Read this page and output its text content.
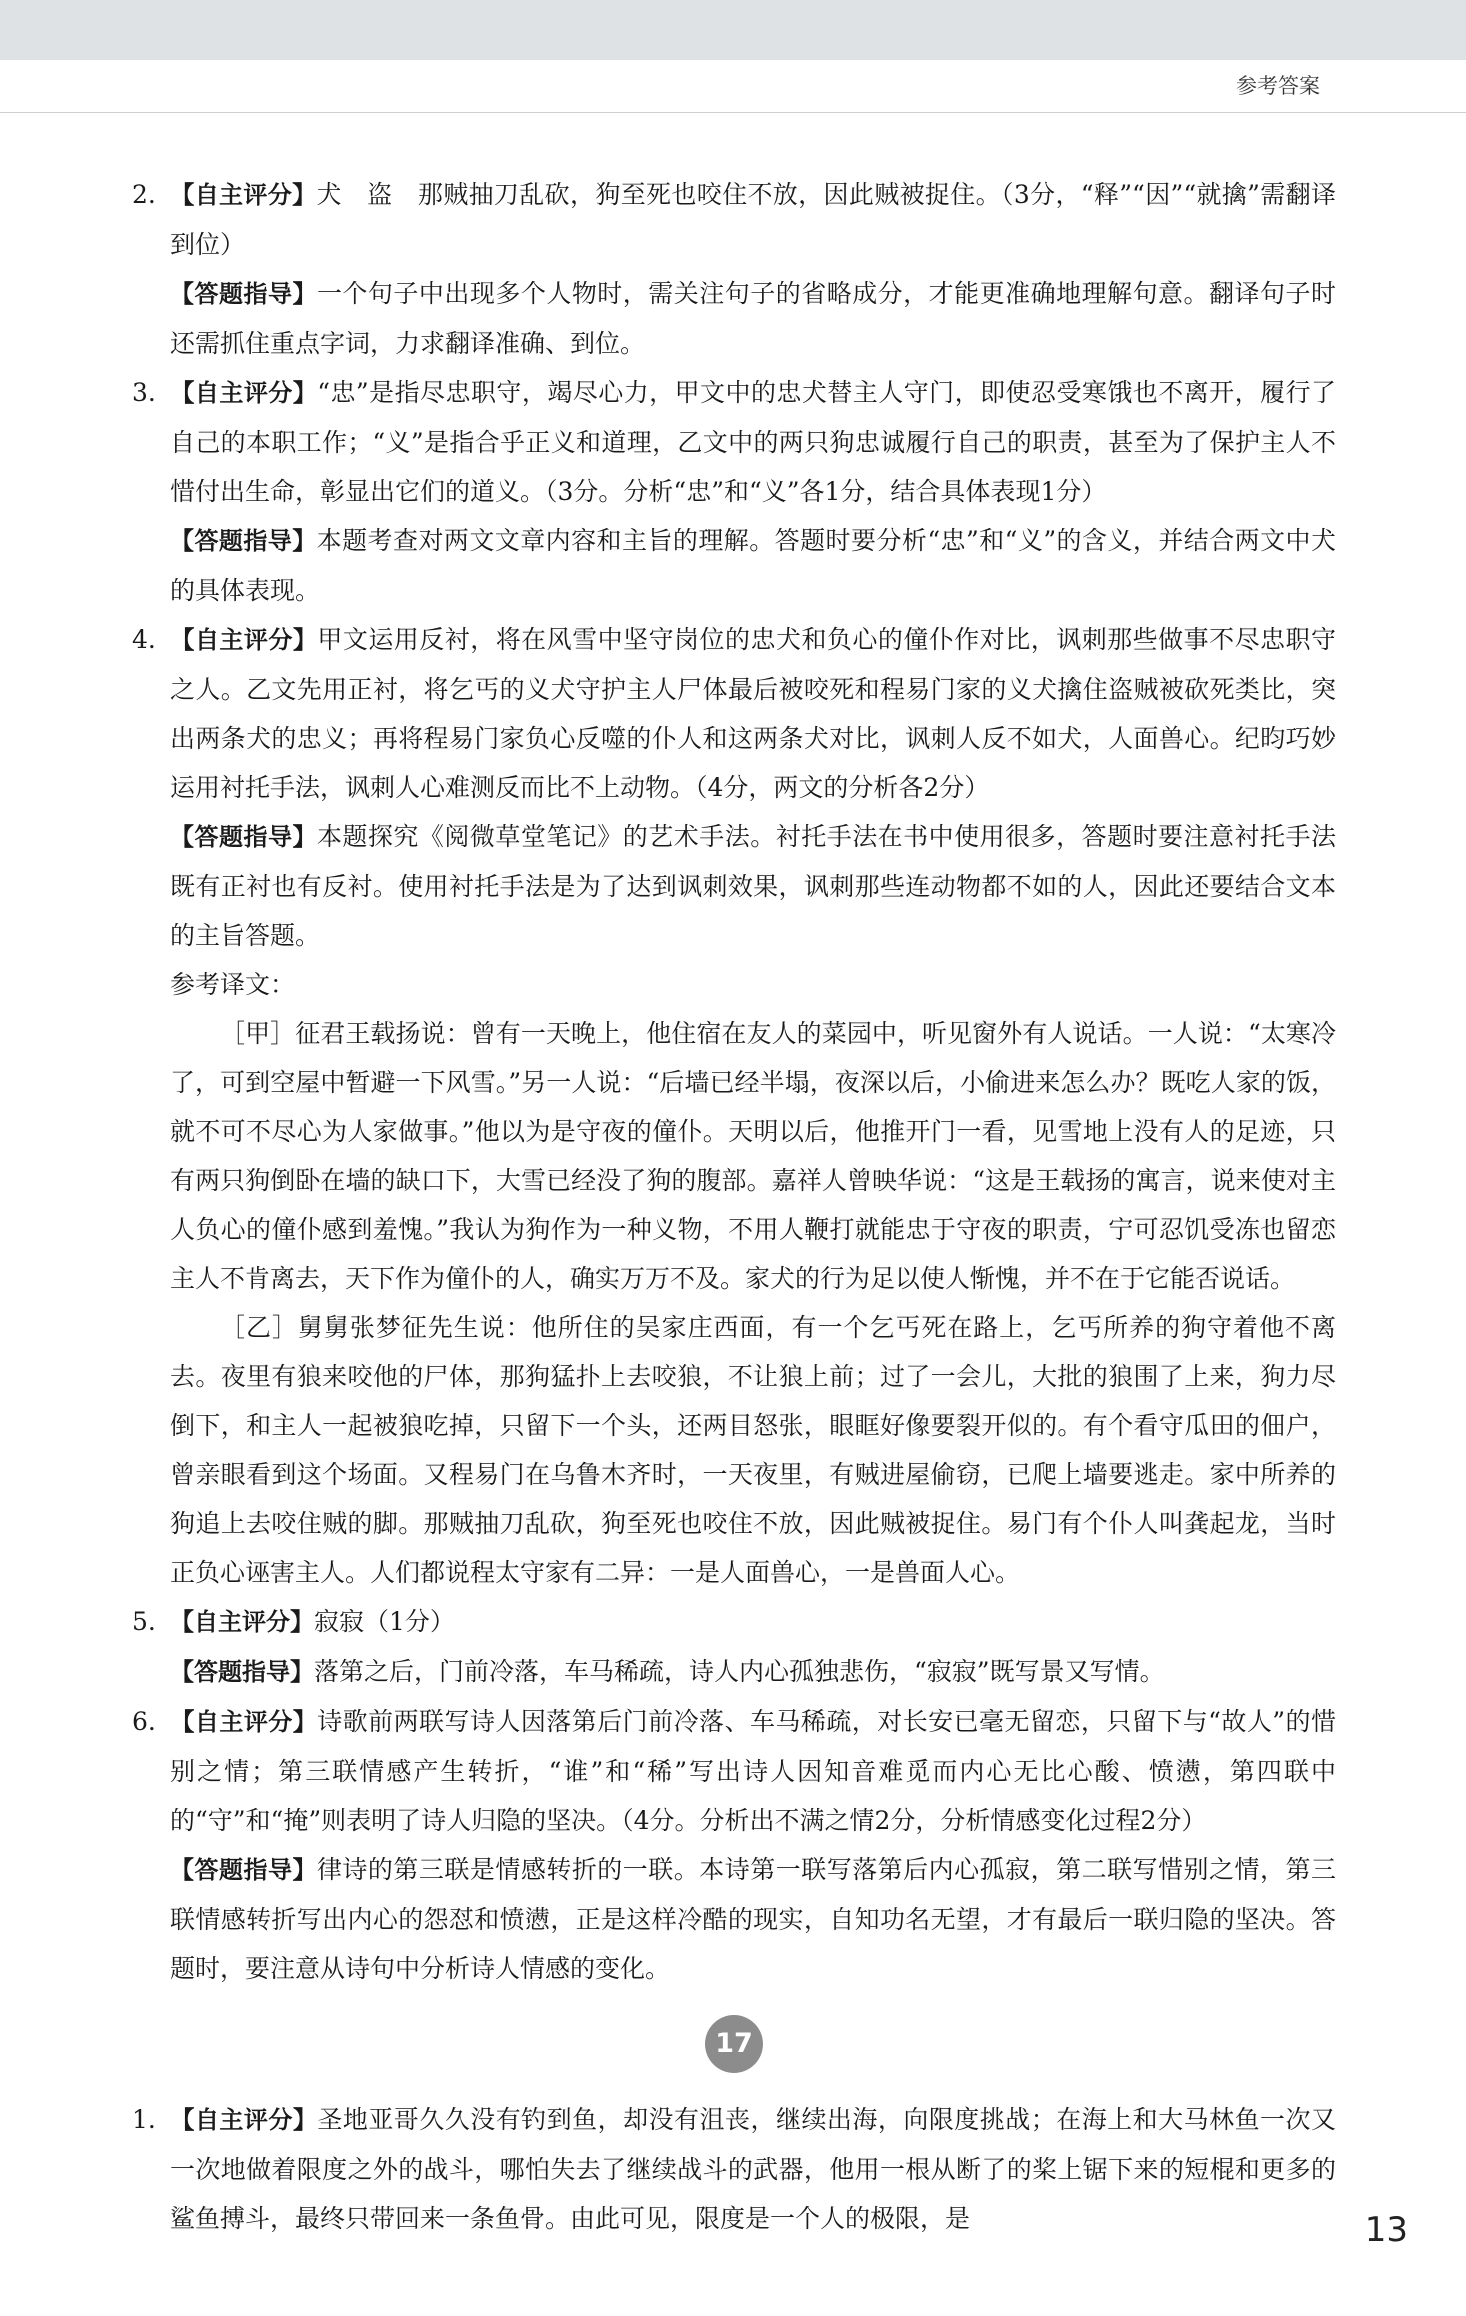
参考答案

2. 【自主评分】犬　盗　那贼抽刀乱砍，狗至死也咬住不放，因此贼被捉住。（3分，“释”“因”“就擒”需翻译到位）

【答题指导】一个句子中出现多个人物时，需关注句子的省略成分，才能更准确地理解句意。翻译句子时还需抓住重点字词，力求翻译准确、到位。

3. 【自主评分】“忠”是指尽忠职守，竭尽心力，甲文中的忠犬替主人守门，即使忍受寒饿也不离开，履行了自己的本职工作；“义”是指合乎正义和道理，乙文中的两只狗忠诚履行自己的职责，甚至为了保护主人不惜付出生命，彰显出它们的道义。（3分。分析“忠”和“义”各1分，结合具体表现1分）

【答题指导】本题考查对两文文章内容和主旨的理解。答题时要分析“忠”和“义”的含义，并结合两文中犬的具体表现。

4. 【自主评分】甲文运用反衬，将在风雪中坚守岗位的忠犬和负心的僮仆作对比，讽刺那些做事不尽忠职守之人。乙文先用正衬，将乞丐的义犬守护主人尸体最后被咬死和程易门家的义犬擒住盗贼被砍死类比，突出两条犬的忠义；再将程易门家负心反噬的仆人和这两条犬对比，讽刺人反不如犬，人面兽心。纪昀巧妙运用衬托手法，讽刺人心难测反而比不上动物。（4分，两文的分析各2分）

【答题指导】本题探究《阅微草堂笔记》的艺术手法。衬托手法在书中使用很多，答题时要注意衬托手法既有正衬也有反衬。使用衬托手法是为了达到讽刺效果，讽刺那些连动物都不如的人，因此还要结合文本的主旨答题。

参考译文：

［甲］征君王载扬说：曾有一天晚上，他住宿在友人的菜园中，听见窗外有人说话。一人说：“太寒冷了，可到空屋中暂避一下风雪。”另一人说：“后墙已经半塌，夜深以后，小偷进来怎么办？既吃人家的饭，就不可不尽心为人家做事。”他以为是守夜的僮仆。天明以后，他推开门一看，见雪地上没有人的足迹，只有两只狗倒卧在墙的缺口下，大雪已经没了狗的腹部。嘉祥人曾映华说：“这是王载扬的寓言，说来使对主人负心的僮仆感到羞愧。”我认为狗作为一种义物，不用人鞭打就能忠于守夜的职责，宁可忍饥受冻也留恋主人不肯离去，天下作为僮仆的人，确实万万不及。家犬的行为足以使人惭愧，并不在于它能否说话。

［乙］舅舅张梦征先生说：他所住的吴家庄西面，有一个乞丐死在路上，乞丐所养的狗守着他不离去。夜里有狼来咬他的尸体，那狗猛扑上去咬狼，不让狼上前；过了一会儿，大批的狼围了上来，狗力尽倒下，和主人一起被狼吃掉，只留下一个头，还两目怒张，眼眶好像要裂开似的。有个看守瓜田的佃户，曾亲眼看到这个场面。又程易门在乌鲁木齐时，一天夜里，有贼进屋偷窃，已爬上墙要逃走。家中所养的狗追上去咬住贼的脚。那贼抽刀乱砍，狗至死也咬住不放，因此贼被捉住。易门有个仆人叫龚起龙，当时正负心诬害主人。人们都说程太守家有二异：一是人面兽心，一是兽面人心。

5. 【自主评分】寂寂（1分）

【答题指导】落第之后，门前冷落，车马稀疏，诗人内心孤独悲伤，“寂寂”既写景又写情。

6. 【自主评分】诗歌前两联写诗人因落第后门前冷落、车马稀疏，对长安已毫无留恋，只留下与“故人”的惜别之情；第三联情感产生转折，“谁”和“稀”写出诗人因知音难觅而内心无比心酸、愤懑，第四联中的“守”和“掩”则表明了诗人归隐的坚决。（4分。分析出不满之情2分，分析情感变化过程2分）

【答题指导】律诗的第三联是情感转折的一联。本诗第一联写落第后内心孤寂，第二联写惜别之情，第三联情感转折写出内心的怨怼和愤懑，正是这样冷酷的现实，自知功名无望，才有最后一联归隐的坚决。答题时，要注意从诗句中分析诗人情感的变化。

17

1. 【自主评分】圣地亚哥久久没有钓到鱼，却没有沮丧，继续出海，向限度挑战；在海上和大马林鱼一次又一次地做着限度之外的战斗，哪怕失去了继续战斗的武器，他用一根从断了的桨上锯下来的短棍和更多的鲨鱼搏斗，最终只带回来一条鱼骨。由此可见，限度是一个人的极限，是	13
